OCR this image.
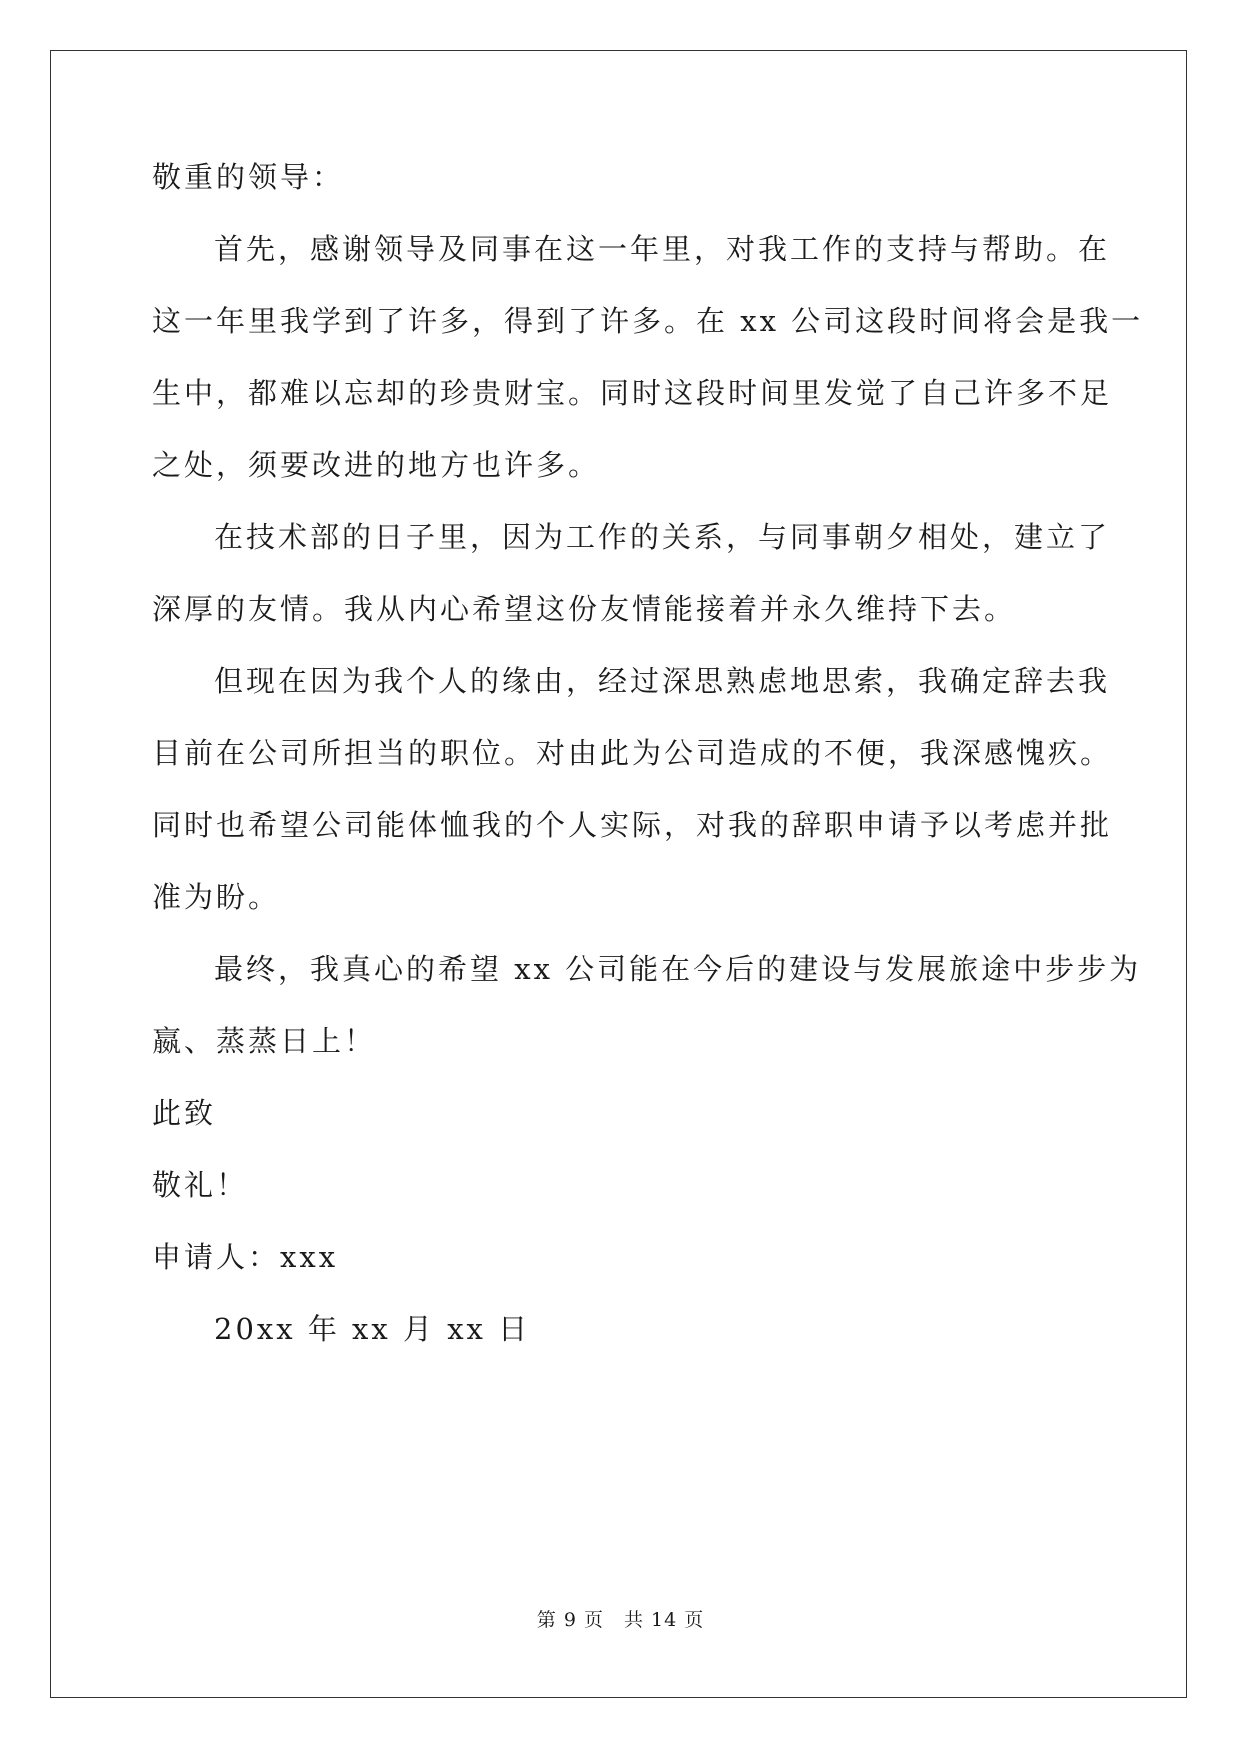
敬重的领导：
首先，感谢领导及同事在这一年里，对我工作的支持与帮助。在
这一年里我学到了许多，得到了许多。在 xx 公司这段时间将会是我一
生中，都难以忘却的珍贵财宝。同时这段时间里发觉了自己许多不足
之处，须要改进的地方也许多。
在技术部的日子里，因为工作的关系，与同事朝夕相处，建立了
深厚的友情。我从内心希望这份友情能接着并永久维持下去。
但现在因为我个人的缘由，经过深思熟虑地思索，我确定辞去我
目前在公司所担当的职位。对由此为公司造成的不便，我深感愧疚。
同时也希望公司能体恤我的个人实际，对我的辞职申请予以考虑并批
准为盼。
最终，我真心的希望 xx 公司能在今后的建设与发展旅途中步步为
嬴、蒸蒸日上！
此致
敬礼！
申请人：xxx
20xx 年 xx 月 xx 日
第 9 页　共 14 页
